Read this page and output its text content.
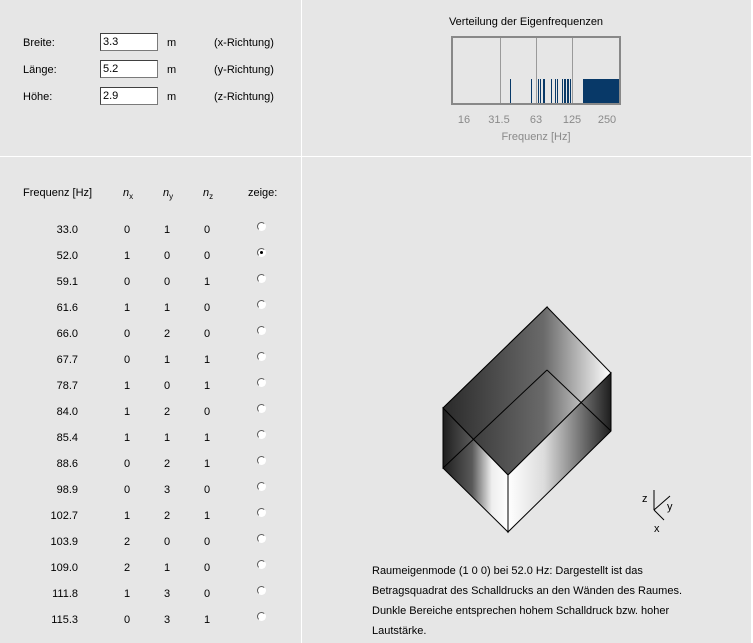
Breite:
3.3	m	(x-Richtung)
Länge:
5.2	m	(y-Richtung)
Höhe:
2.9	m	(z-Richtung)
Verteilung der Eigenfrequenzen
16 31.5 63 125 250
Frequenz [Hz]
Frequenz [Hz]	$n_x$	$n_y$	$n_z$	zeige:
33.0	0	1	0
52.0	1	0	0
59.1	0	0	1
61.6	1	1	0
66.0	0	2	0
67.7	0	1	1
78.7	1	0	1
84.0	1	2	0
85.4	1	1	1
88.6	0	2	1
98.9	0	3	0
102.7	1	2	1
103.9	2	0	0
109.0	2	1	0
111.8	1	3	0
115.3	0	3	1
z
y
x
Raumeigenmode (1 0 0) bei 52.0 Hz: Dargestellt ist das Betragsquadrat des Schalldrucks an den Wänden des Raumes. Dunkle Bereiche entsprechen hohem Schalldruck bzw. hoher Lautstärke.
